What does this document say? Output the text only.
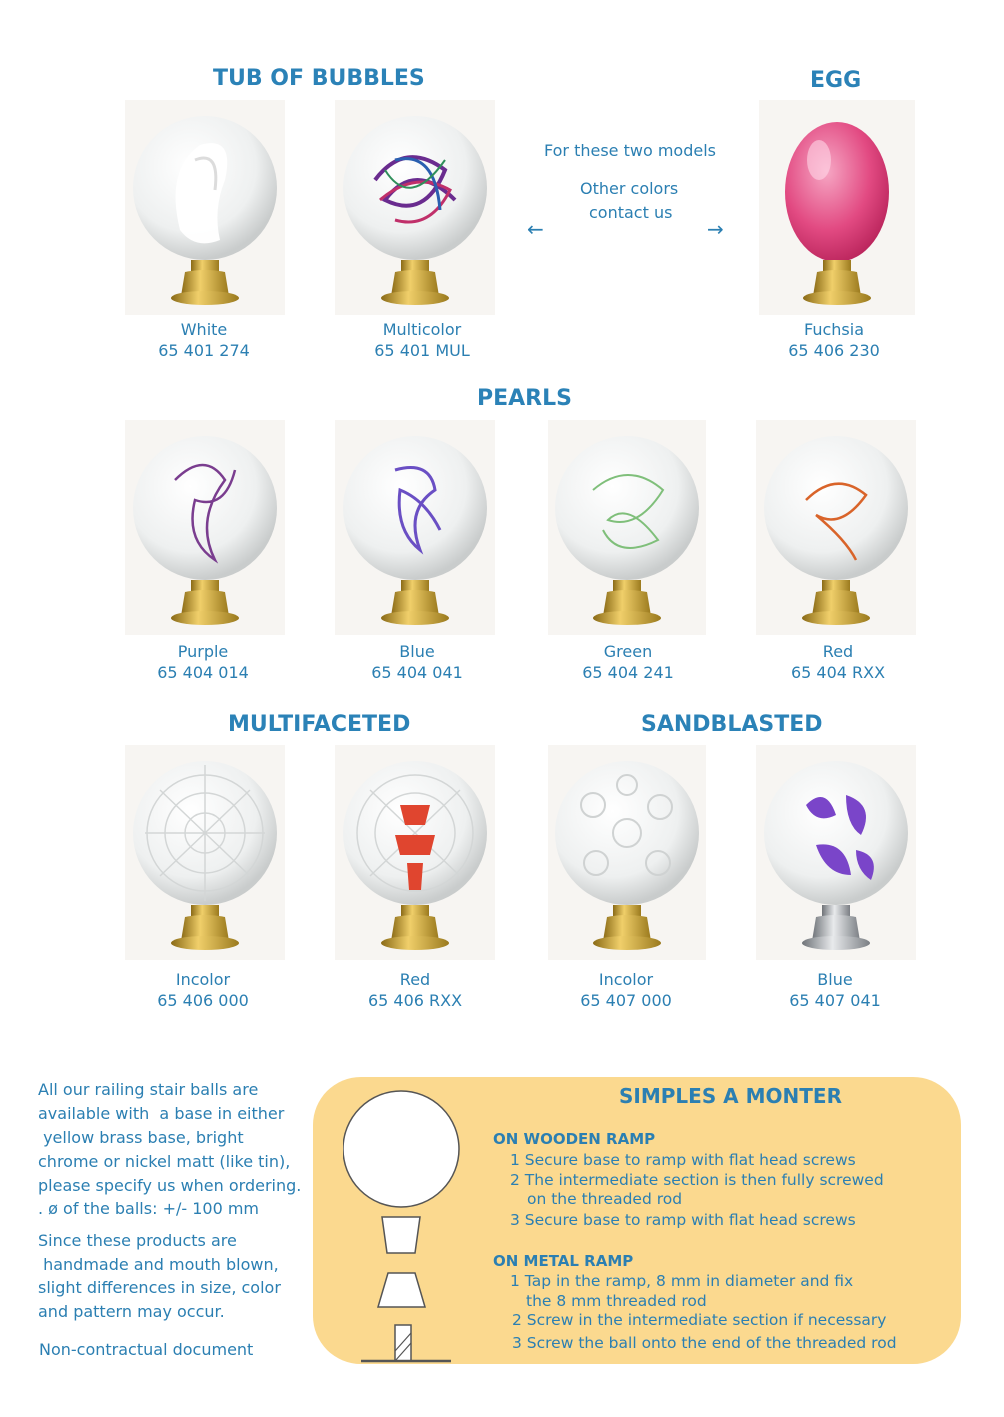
TUB OF BUBBLES	EGG
PEARLS
MULTIFACETED	SANDBLASTED
White
65 401 274
Multicolor
65 401 MUL
Fuchsia
65 406 230
For these two models
Other colors
contact us
←	→
Purple
65 404 014
Blue
65 404 041
Green
65 404 241
Red
65 404 RXX
Incolor
65 406 000
Red
65 406 RXX
Incolor
65 407 000
Blue
65 407 041
All our railing stair balls are
available with  a base in either
yellow brass base, bright
chrome or nickel matt (like tin),
please specify us when ordering.
. ø of the balls: +/- 100 mm
Since these products are
handmade and mouth blown,
slight differences in size, color
and pattern may occur.
Non-contractual document
SIMPLES A MONTER
ON WOODEN RAMP
1 Secure base to ramp with flat head screws
2 The intermediate section is then fully screwed
on the threaded rod
3 Secure base to ramp with flat head screws
ON METAL RAMP
1 Tap in the ramp, 8 mm in diameter and fix
the 8 mm threaded rod
2 Screw in the intermediate section if necessary
3 Screw the ball onto the end of the threaded rod
